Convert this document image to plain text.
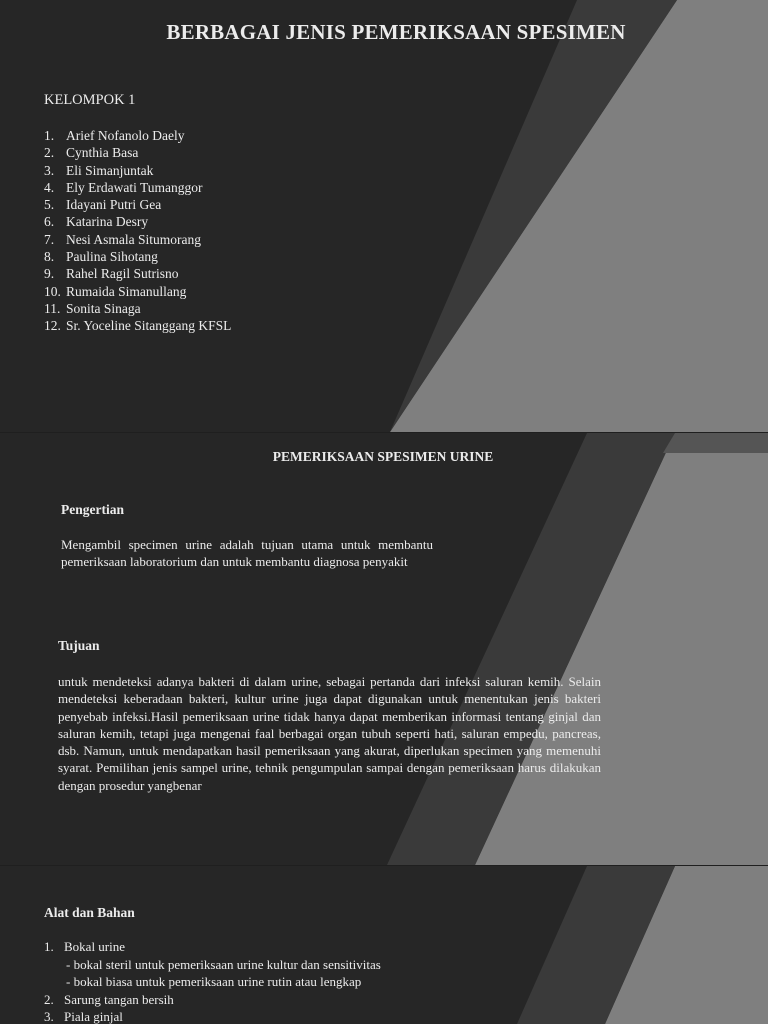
BERBAGAI JENIS PEMERIKSAAN SPESIMEN
KELOMPOK 1
1. Arief Nofanolo Daely
2. Cynthia Basa
3. Eli Simanjuntak
4. Ely Erdawati Tumanggor
5. Idayani Putri Gea
6. Katarina Desry
7. Nesi Asmala Situmorang
8. Paulina Sihotang
9. Rahel Ragil Sutrisno
10. Rumaida Simanullang
11. Sonita Sinaga
12. Sr. Yoceline Sitanggang KFSL
PEMERIKSAAN SPESIMEN URINE
Pengertian

Mengambil specimen urine adalah tujuan utama untuk membantu pemeriksaan laboratorium dan untuk membantu diagnosa penyakit

Tujuan

untuk mendeteksi adanya bakteri di dalam urine, sebagai pertanda dari infeksi saluran kemih. Selain mendeteksi keberadaan bakteri, kultur urine juga dapat digunakan untuk menentukan jenis bakteri penyebab infeksi.Hasil pemeriksaan urine tidak hanya dapat memberikan informasi tentang ginjal dan saluran kemih, tetapi juga mengenai faal berbagai organ tubuh seperti hati, saluran empedu, pancreas, dsb. Namun, untuk mendapatkan hasil pemeriksaan yang akurat, diperlukan specimen yang memenuhi syarat. Pemilihan jenis sampel urine, tehnik pengumpulan sampai dengan pemeriksaan harus dilakukan dengan prosedur yangbenar

Alat dan Bahan
1. Bokal urine
- bokal steril untuk pemeriksaan urine kultur dan sensitivitas
- bokal biasa untuk pemeriksaan urine rutin atau lengkap
2. Sarung tangan bersih
3. Piala ginjal
